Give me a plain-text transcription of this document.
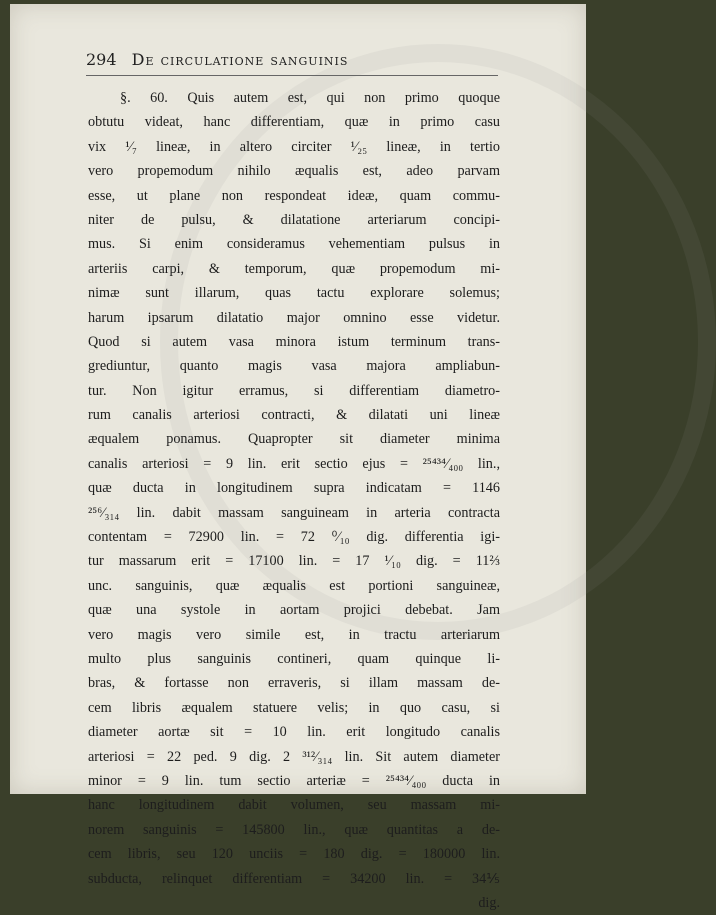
294 De circulatione sanguinis
§. 60. Quis autem est, qui non primo quoque
obtutu videat, hanc differentiam, quæ in primo casu
vix ¹⁄₇ lineæ, in altero circiter ¹⁄₂₅ lineæ, in tertio
vero propemodum nihilo æqualis est, adeo parvam
esse, ut plane non respondeat ideæ, quam commu-
niter de pulsu, & dilatatione arteriarum concipi-
mus. Si enim consideramus vehementiam pulsus in
arteriis carpi, & temporum, quæ propemodum mi-
nimæ sunt illarum, quas tactu explorare solemus;
harum ipsarum dilatatio major omnino esse videtur.
Quod si autem vasa minora istum terminum trans-
grediuntur, quanto magis vasa majora ampliabun-
tur. Non igitur erramus, si differentiam diametro-
rum canalis arteriosi contracti, & dilatati uni lineæ
æqualem ponamus. Quapropter sit diameter minima
canalis arteriosi = 9 lin. erit sectio ejus = ²⁵⁴³⁴⁄₄₀₀ lin.,
quæ ducta in longitudinem supra indicatam = 1146
²⁵⁶⁄₃₁₄ lin. dabit massam sanguineam in arteria contracta
contentam = 72900 lin. = 72 ⁰⁄₁₀ dig. differentia igi-
tur massarum erit = 17100 lin. = 17 ¹⁄₁₀ dig. = 11⅔
unc. sanguinis, quæ æqualis est portioni sanguineæ,
quæ una systole in aortam projici debebat. Jam
vero magis vero simile est, in tractu arteriarum
multo plus sanguinis contineri, quam quinque li-
bras, & fortasse non erraveris, si illam massam de-
cem libris æqualem statuere velis; in quo casu, si
diameter aortæ sit = 10 lin. erit longitudo canalis
arteriosi = 22 ped. 9 dig. 2 ³¹²⁄₃₁₄ lin. Sit autem diameter
minor = 9 lin. tum sectio arteriæ = ²⁵⁴³⁴⁄₄₀₀ ducta in
hanc longitudinem dabit volumen, seu massam mi-
norem sanguinis = 145800 lin., quæ quantitas a de-
cem libris, seu 120 unciis = 180 dig. = 180000 lin.
subducta, relinquet differentiam = 34200 lin. = 34⅕
dig.
